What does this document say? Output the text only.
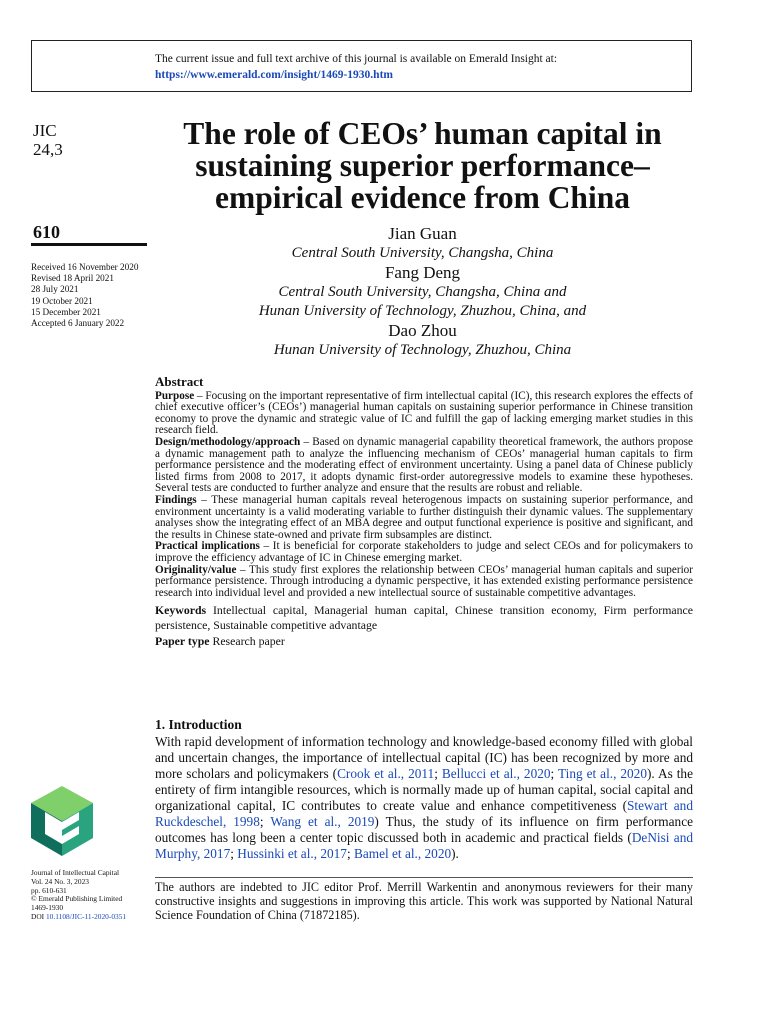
The current issue and full text archive of this journal is available on Emerald Insight at:
https://www.emerald.com/insight/1469-1930.htm
JIC
24,3
610
Received 16 November 2020
Revised 18 April 2021
28 July 2021
19 October 2021
15 December 2021
Accepted 6 January 2022
The role of CEOs’ human capital in
sustaining superior performance–
empirical evidence from China
Jian Guan
Central South University, Changsha, China
Fang Deng
Central South University, Changsha, China and
Hunan University of Technology, Zhuzhou, China, and
Dao Zhou
Hunan University of Technology, Zhuzhou, China
Abstract

Purpose – Focusing on the important representative of firm intellectual capital (IC), this research explores the effects of chief executive officer’s (CEOs’) managerial human capitals on sustaining superior performance in Chinese transition economy to prove the dynamic and strategic value of IC and fulfill the gap of lacking emerging market studies in this research field.

Design/methodology/approach – Based on dynamic managerial capability theoretical framework, the authors propose a dynamic management path to analyze the influencing mechanism of CEOs’ managerial human capitals to firm performance persistence and the moderating effect of environment uncertainty. Using a panel data of Chinese publicly listed firms from 2008 to 2017, it adopts dynamic first-order autoregressive models to examine these hypotheses. Several tests are conducted to further analyze and ensure that the results are robust and reliable.

Findings – These managerial human capitals reveal heterogenous impacts on sustaining superior performance, and environment uncertainty is a valid moderating variable to further distinguish their dynamic values. The supplementary analyses show the integrating effect of an MBA degree and output functional experience is positive and significant, and the results in Chinese state-owned and private firm subsamples are distinct.

Practical implications – It is beneficial for corporate stakeholders to judge and select CEOs and for policymakers to improve the efficiency advantage of IC in Chinese emerging market.

Originality/value – This study first explores the relationship between CEOs’ managerial human capitals and superior performance persistence. Through introducing a dynamic perspective, it has extended existing performance persistence research into individual level and provided a new intellectual source of sustainable competitive advantages.

Keywords Intellectual capital, Managerial human capital, Chinese transition economy, Firm performance persistence, Sustainable competitive advantage

Paper type Research paper

1. Introduction

With rapid development of information technology and knowledge-based economy filled with global and uncertain changes, the importance of intellectual capital (IC) has been recognized by more and more scholars and policymakers (Crook et al., 2011; Bellucci et al., 2020; Ting et al., 2020). As the entirety of firm intangible resources, which is normally made up of human capital, social capital and organizational capital, IC contributes to create value and enhance competitiveness (Stewart and Ruckdeschel, 1998; Wang et al., 2019) Thus, the study of its influence on firm performance outcomes has long been a center topic discussed both in academic and practical fields (DeNisi and Murphy, 2017; Hussinki et al., 2017; Bamel et al., 2020).

The authors are indebted to JIC editor Prof. Merrill Warkentin and anonymous reviewers for their many constructive insights and suggestions in improving this article. This work was supported by National Natural Science Foundation of China (71872185).

Journal of Intellectual Capital
Vol. 24 No. 3, 2023
pp. 610-631
© Emerald Publishing Limited
1469-1930
DOI 10.1108/JIC-11-2020-0351
